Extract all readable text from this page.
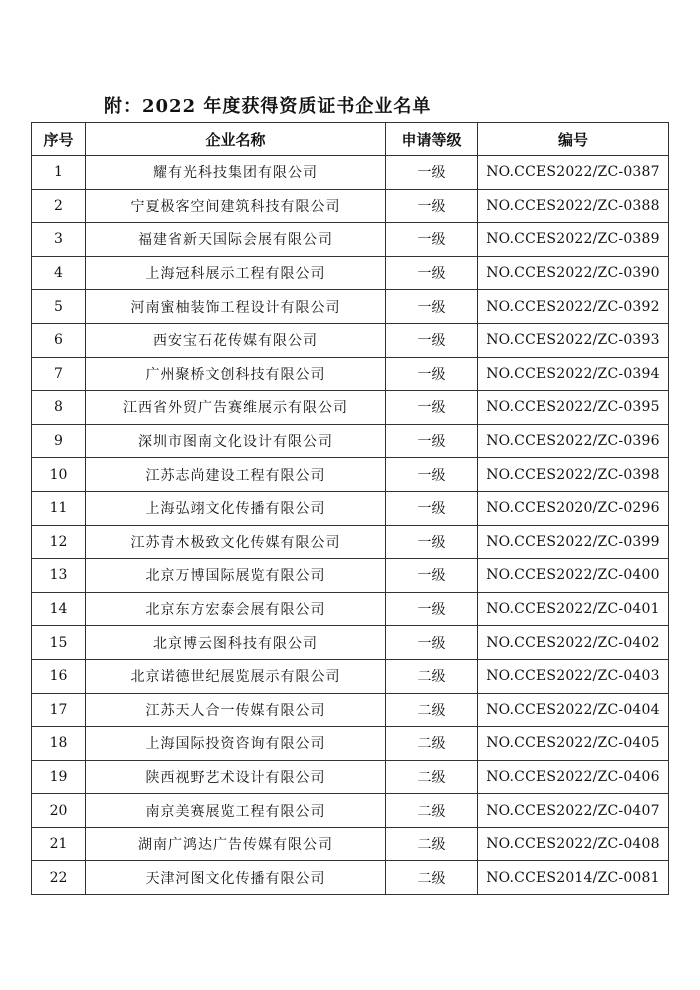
附：2022 年度获得资质证书企业名单
序号	企业名称	申请等级	编号
1	耀有光科技集团有限公司	一级	NO.CCES2022/ZC-0387
2	宁夏极客空间建筑科技有限公司	一级	NO.CCES2022/ZC-0388
3	福建省新天国际会展有限公司	一级	NO.CCES2022/ZC-0389
4	上海冠科展示工程有限公司	一级	NO.CCES2022/ZC-0390
5	河南蜜柚装饰工程设计有限公司	一级	NO.CCES2022/ZC-0392
6	西安宝石花传媒有限公司	一级	NO.CCES2022/ZC-0393
7	广州聚桥文创科技有限公司	一级	NO.CCES2022/ZC-0394
8	江西省外贸广告赛维展示有限公司	一级	NO.CCES2022/ZC-0395
9	深圳市图南文化设计有限公司	一级	NO.CCES2022/ZC-0396
10	江苏志尚建设工程有限公司	一级	NO.CCES2022/ZC-0398
11	上海弘翊文化传播有限公司	一级	NO.CCES2020/ZC-0296
12	江苏青木极致文化传媒有限公司	一级	NO.CCES2022/ZC-0399
13	北京万博国际展览有限公司	一级	NO.CCES2022/ZC-0400
14	北京东方宏泰会展有限公司	一级	NO.CCES2022/ZC-0401
15	北京博云图科技有限公司	一级	NO.CCES2022/ZC-0402
16	北京诺德世纪展览展示有限公司	二级	NO.CCES2022/ZC-0403
17	江苏天人合一传媒有限公司	二级	NO.CCES2022/ZC-0404
18	上海国际投资咨询有限公司	二级	NO.CCES2022/ZC-0405
19	陕西视野艺术设计有限公司	二级	NO.CCES2022/ZC-0406
20	南京美赛展览工程有限公司	二级	NO.CCES2022/ZC-0407
21	湖南广鸿达广告传媒有限公司	二级	NO.CCES2022/ZC-0408
22	天津河图文化传播有限公司	二级	NO.CCES2014/ZC-0081
